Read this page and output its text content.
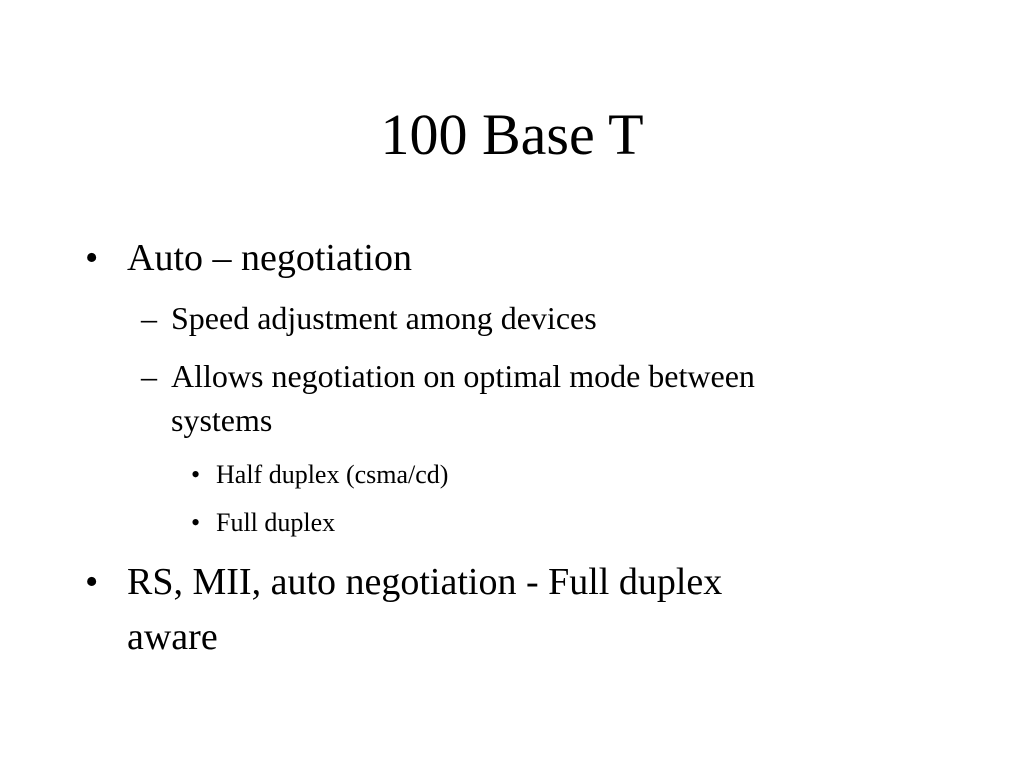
100 Base T
• Auto – negotiation
– Speed adjustment among devices
– Allows negotiation on optimal mode between
systems
• Half duplex (csma/cd)
• Full duplex
• RS, MII, auto negotiation - Full duplex
aware
